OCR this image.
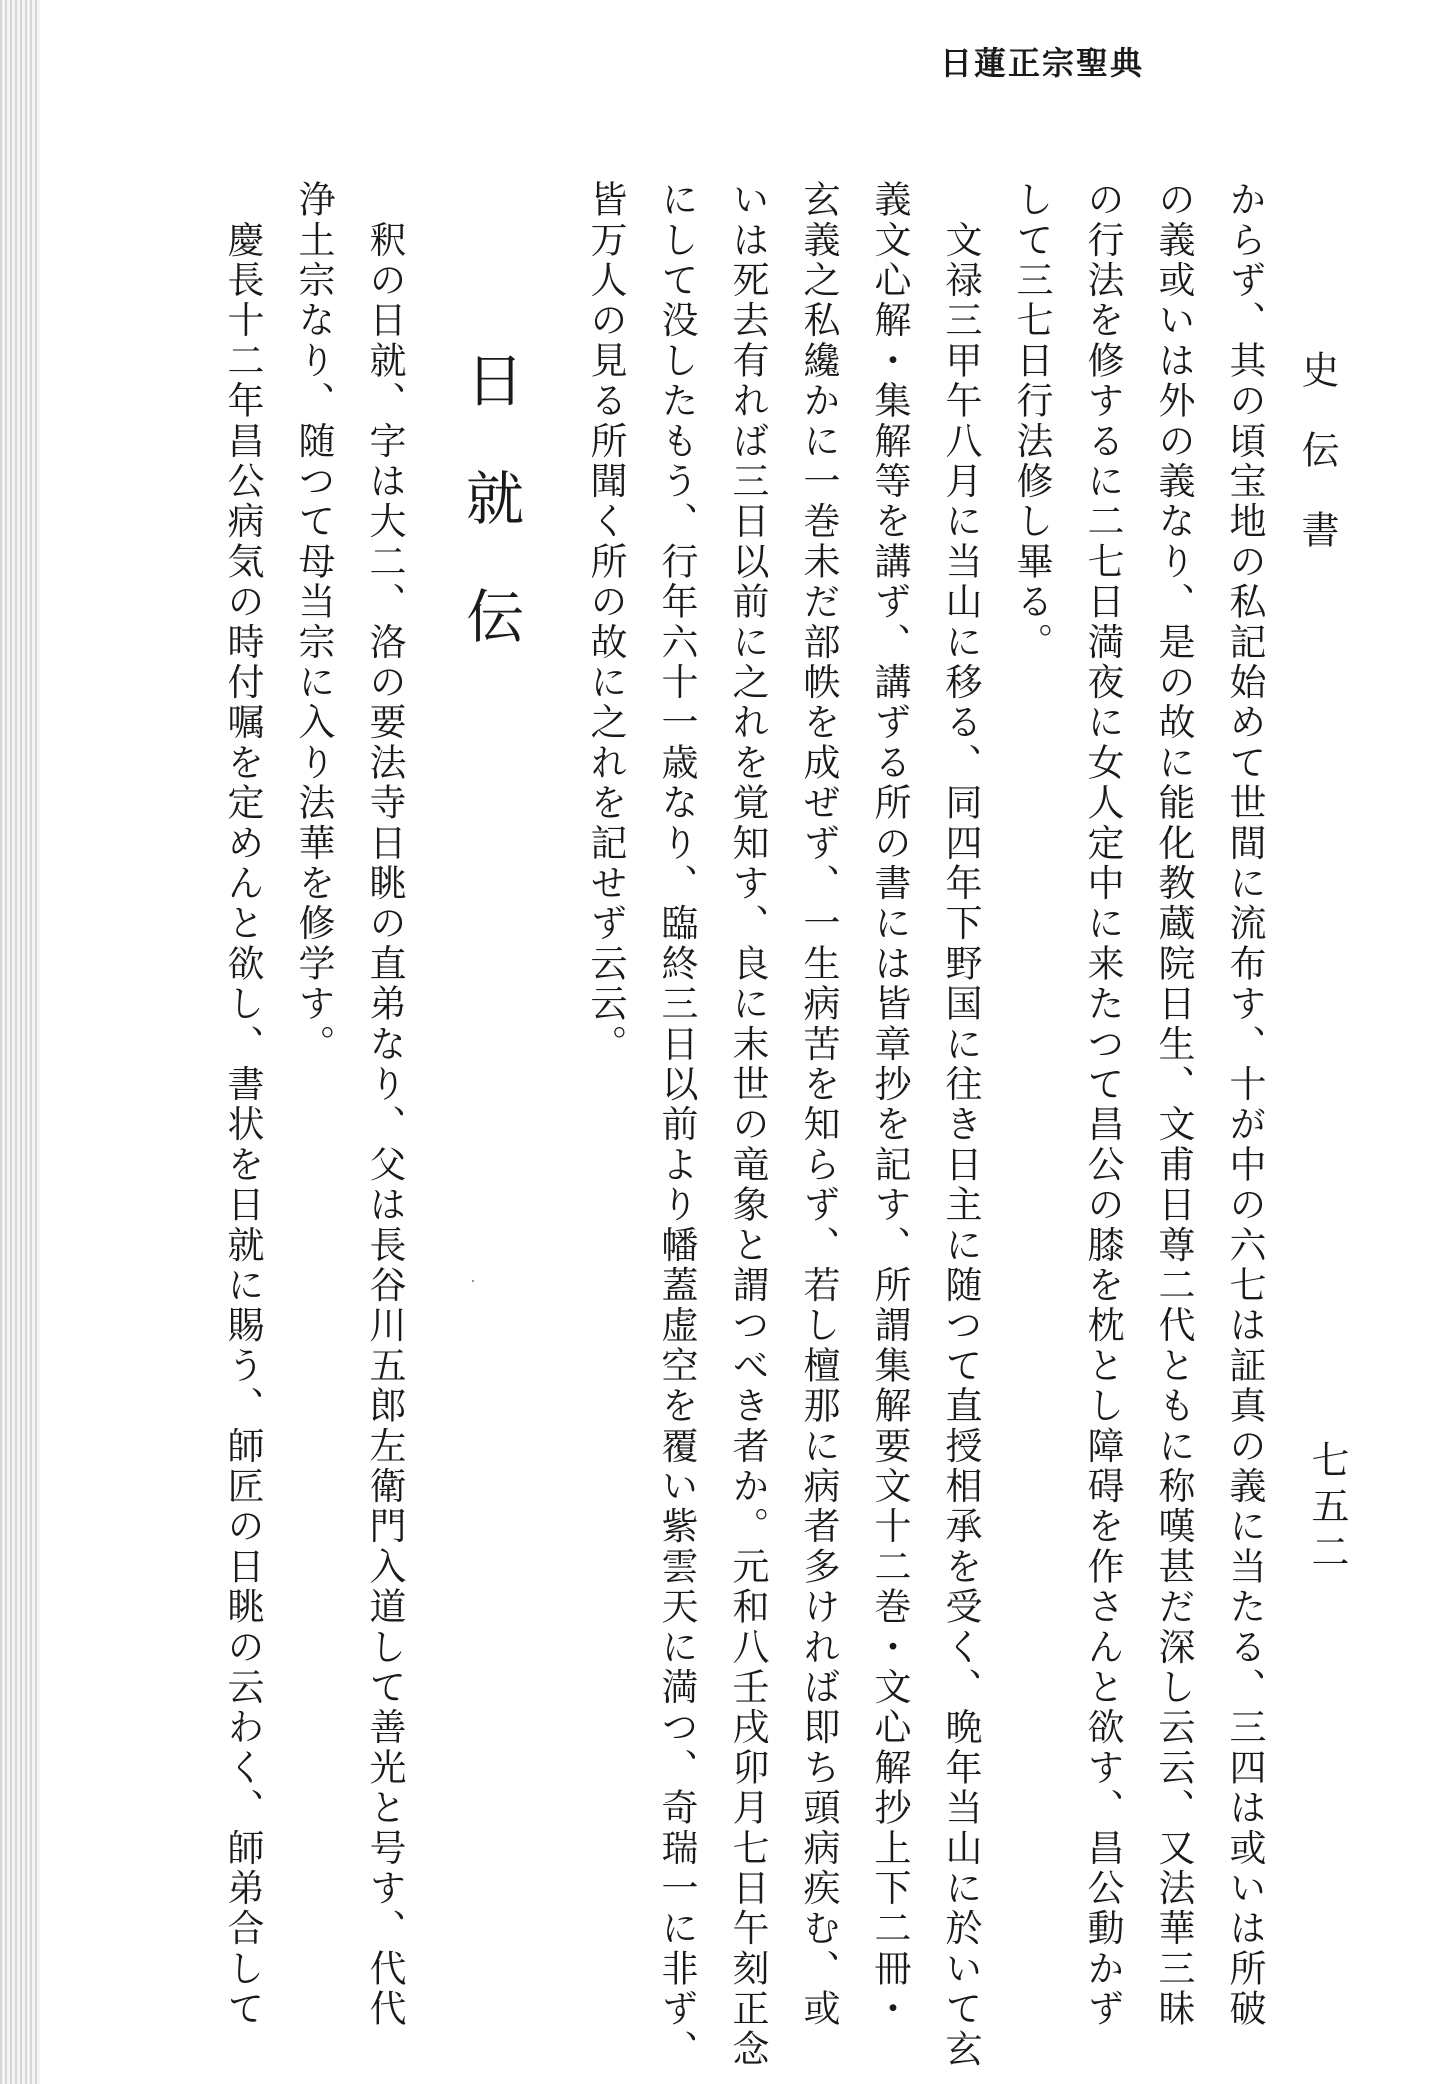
日蓮正宗聖典
史伝書
七五二
からず、其の頃宝地の私記始めて世間に流布す、十が中の六七は証真の義に当たる、三四は或いは所破
の義或いは外の義なり、是の故に能化教蔵院日生、文甫日尊二代ともに称嘆甚だ深し云云、又法華三昧
の行法を修するに二七日満夜に女人定中に来たつて昌公の膝を枕とし障碍を作さんと欲す、昌公動かず
して三七日行法修し畢る。
　文禄三甲午八月に当山に移る、同四年下野国に往き日主に随つて直授相承を受く、晩年当山に於いて玄
義文心解・集解等を講ず、講ずる所の書には皆章抄を記す、所謂集解要文十二巻・文心解抄上下二冊・
玄義之私纔かに一巻未だ部帙を成ぜず、一生病苦を知らず、若し檀那に病者多ければ即ち頭病疾む、或
いは死去有れば三日以前に之れを覚知す、良に末世の竜象と謂つべき者か。元和八壬戌卯月七日午刻正念
にして没したもう、行年六十一歳なり、臨終三日以前より幡蓋虚空を覆い紫雲天に満つ、奇瑞一に非ず、
皆万人の見る所聞く所の故に之れを記せず云云。
日就伝
　釈の日就、字は大二、洛の要法寺日眺の直弟なり、父は長谷川五郎左衛門入道して善光と号す、代代
浄土宗なり、随つて母当宗に入り法華を修学す。
　慶長十二年昌公病気の時付嘱を定めんと欲し、書状を日就に賜う、師匠の日眺の云わく、師弟合して
